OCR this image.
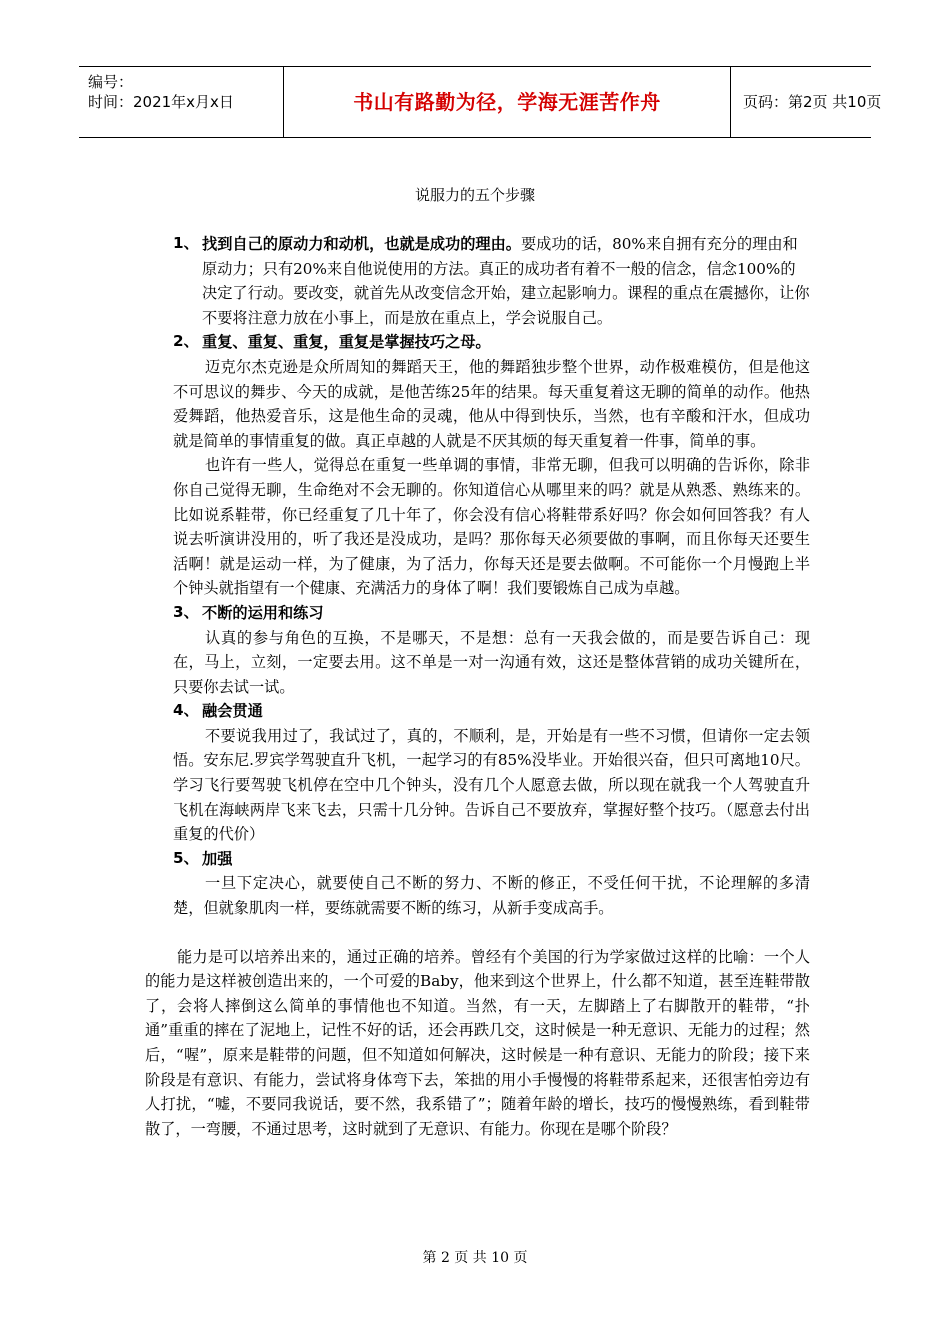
编号：
时间：2021年x月x日	书山有路勤为径，学海无涯苦作舟	页码：第2页 共10页
说服力的五个步骤
1、 找到自己的原动力和动机，也就是成功的理由。要成功的话，80%来自拥有充分的理由和原动力；只有20%来自他说使用的方法。真正的成功者有着不一般的信念，信念100%的决定了行动。要改变，就首先从改变信念开始，建立起影响力。课程的重点在震撼你，让你不要将注意力放在小事上，而是放在重点上，学会说服自己。

2、 重复、重复、重复，重复是掌握技巧之母。

迈克尔杰克逊是众所周知的舞蹈天王，他的舞蹈独步整个世界，动作极难模仿，但是他这不可思议的舞步、今天的成就，是他苦练25年的结果。每天重复着这无聊的简单的动作。他热爱舞蹈，他热爱音乐，这是他生命的灵魂，他从中得到快乐，当然，也有辛酸和汗水，但成功就是简单的事情重复的做。真正卓越的人就是不厌其烦的每天重复着一件事，简单的事。

也许有一些人，觉得总在重复一些单调的事情，非常无聊，但我可以明确的告诉你，除非你自己觉得无聊，生命绝对不会无聊的。你知道信心从哪里来的吗？就是从熟悉、熟练来的。比如说系鞋带，你已经重复了几十年了，你会没有信心将鞋带系好吗？你会如何回答我？有人说去听演讲没用的，听了我还是没成功，是吗？那你每天必须要做的事啊，而且你每天还要生活啊！就是运动一样，为了健康，为了活力，你每天还是要去做啊。不可能你一个月慢跑上半个钟头就指望有一个健康、充满活力的身体了啊！我们要锻炼自己成为卓越。

3、 不断的运用和练习

认真的参与角色的互换，不是哪天，不是想：总有一天我会做的，而是要告诉自己：现在，马上，立刻，一定要去用。这不单是一对一沟通有效，这还是整体营销的成功关键所在，只要你去试一试。

4、 融会贯通

不要说我用过了，我试过了，真的，不顺利，是，开始是有一些不习惯，但请你一定去领悟。安东尼.罗宾学驾驶直升飞机，一起学习的有85%没毕业。开始很兴奋，但只可离地10尺。学习飞行要驾驶飞机停在空中几个钟头，没有几个人愿意去做，所以现在就我一个人驾驶直升飞机在海峡两岸飞来飞去，只需十几分钟。告诉自己不要放弃，掌握好整个技巧。（愿意去付出重复的代价）

5、 加强

一旦下定决心，就要使自己不断的努力、不断的修正，不受任何干扰，不论理解的多清楚，但就象肌肉一样，要练就需要不断的练习，从新手变成高手。

能力是可以培养出来的，通过正确的培养。曾经有个美国的行为学家做过这样的比喻：一个人的能力是这样被创造出来的，一个可爱的Baby，他来到这个世界上，什么都不知道，甚至连鞋带散了，会将人摔倒这么简单的事情他也不知道。当然，有一天，左脚踏上了右脚散开的鞋带，“扑通”重重的摔在了泥地上，记性不好的话，还会再跌几交，这时候是一种无意识、无能力的过程；然后，“喔”，原来是鞋带的问题，但不知道如何解决，这时候是一种有意识、无能力的阶段；接下来阶段是有意识、有能力，尝试将身体弯下去，笨拙的用小手慢慢的将鞋带系起来，还很害怕旁边有人打扰，“嘘，不要同我说话，要不然，我系错了”；随着年龄的增长，技巧的慢慢熟练，看到鞋带散了，一弯腰，不通过思考，这时就到了无意识、有能力。你现在是哪个阶段？

第 2 页 共 10 页
